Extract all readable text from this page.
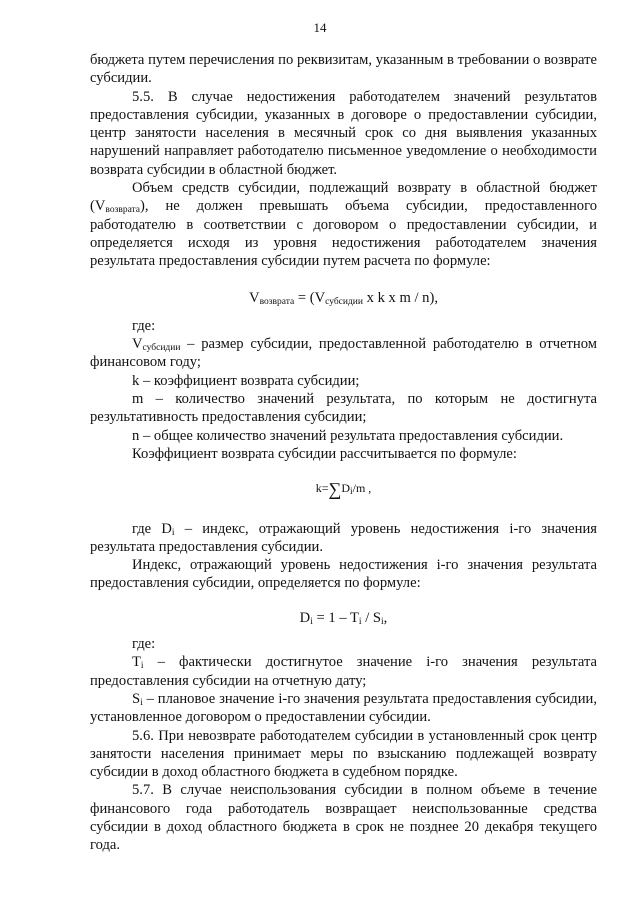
14

бюджета путем перечисления по реквизитам, указанным в требовании о возврате субсидии.

5.5. В случае недостижения работодателем значений результатов предоставления субсидии, указанных в договоре о предоставлении субсидии, центр занятости населения в месячный срок со дня выявления указанных нарушений направляет работодателю письменное уведомление о необходимости возврата субсидии в областной бюджет.

Объем средств субсидии, подлежащий возврату в областной бюджет $(V_{возврата})$, не должен превышать объема субсидии, предоставленного работодателю в соответствии с договором о предоставлении субсидии, и определяется исходя из уровня недостижения работодателем значения результата предоставления субсидии путем расчета по формуле:

$V_{возврата} = (V_{субсидии}$ x k x m / n),

где:

$V_{субсидии}$ – размер субсидии, предоставленной работодателю в отчетном финансовом году;

k – коэффициент возврата субсидии;

m – количество значений результата, по которым не достигнута результативность предоставления субсидии;

n – общее количество значений результата предоставления субсидии.

Коэффициент возврата субсидии рассчитывается по формуле:

$k=\sum D_i/m$ ,

где $D_i$ – индекс, отражающий уровень недостижения i-го значения результата предоставления субсидии.

Индекс, отражающий уровень недостижения i-го значения результата предоставления субсидии, определяется по формуле:

$D_i = 1 - T_i / S_i$,

где:

$T_i$ – фактически достигнутое значение i-го значения результата предоставления субсидии на отчетную дату;

$S_i$ – плановое значение i-го значения результата предоставления субсидии, установленное договором о предоставлении субсидии.

5.6. При невозврате работодателем субсидии в установленный срок центр занятости населения принимает меры по взысканию подлежащей возврату субсидии в доход областного бюджета в судебном порядке.

5.7. В случае неиспользования субсидии в полном объеме в течение финансового года работодатель возвращает неиспользованные средства субсидии в доход областного бюджета в срок не позднее 20 декабря текущего года.
